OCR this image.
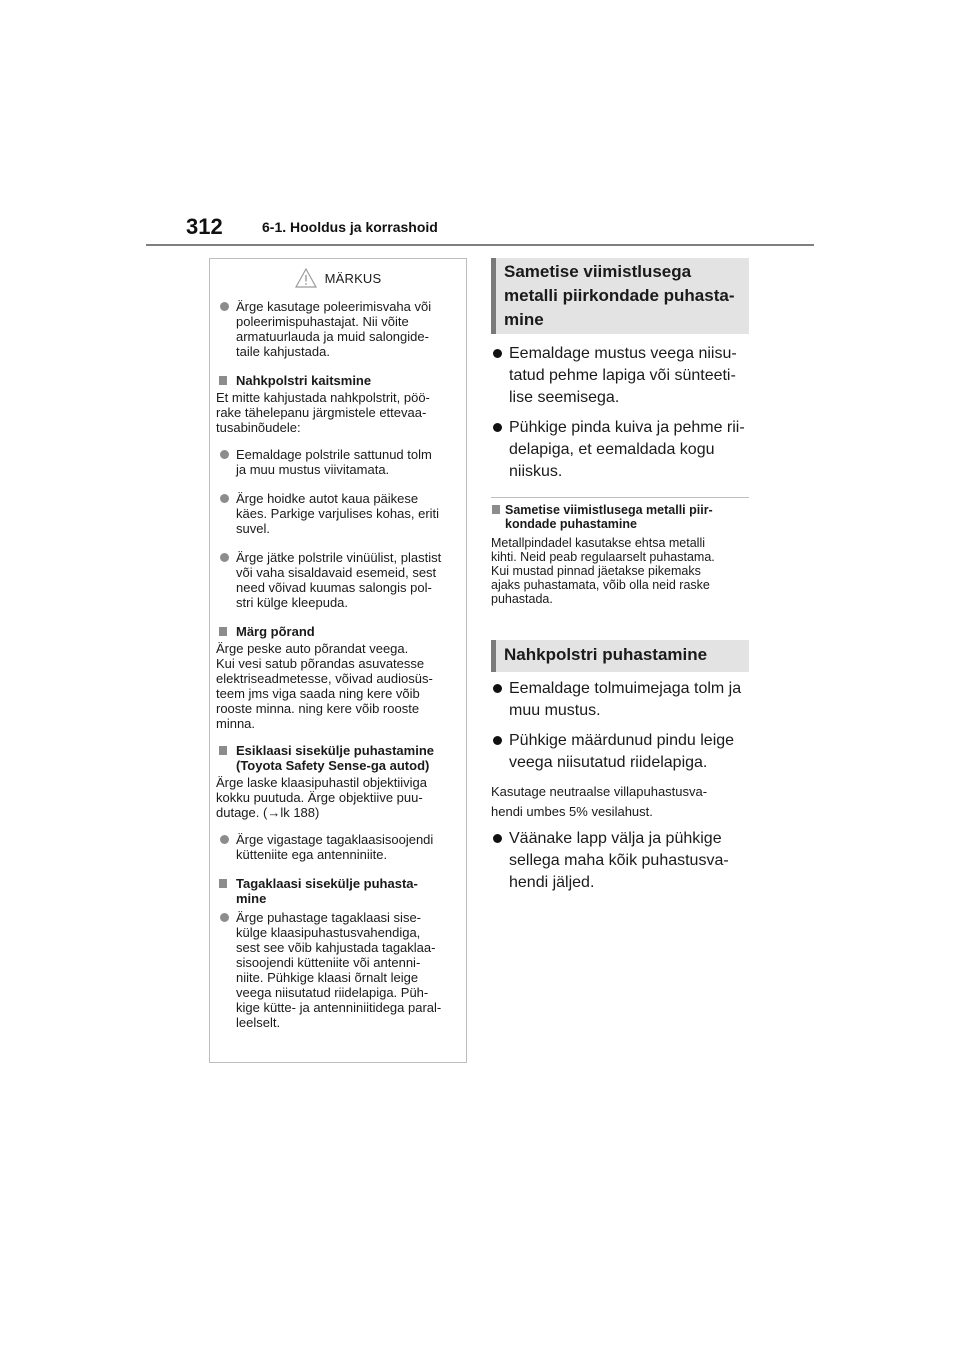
312	6-1. Hooldus ja korrashoid
MÄRKUS
Ärge kasutage poleerimisvaha või
poleerimispuhastajat. Nii võite
armatuurlauda ja muid salongide-
taile kahjustada.
Nahkpolstri kaitsmine
Et mitte kahjustada nahkpolstrit, pöö-
rake tähelepanu järgmistele ettevaa-
tusabinõudele:
Eemaldage polstrile sattunud tolm
ja muu mustus viivitamata.
Ärge hoidke autot kaua päikese
käes. Parkige varjulises kohas, eriti
suvel.
Ärge jätke polstrile vinüülist, plastist
või vaha sisaldavaid esemeid, sest
need võivad kuumas salongis pol-
stri külge kleepuda.
Märg põrand
Ärge peske auto põrandat veega.
Kui vesi satub põrandas asuvatesse
elektriseadmetesse, võivad audiosüs-
teem jms viga saada ning kere võib
rooste minna. ning kere võib rooste
minna.
Esiklaasi sisekülje puhastamine
(Toyota Safety Sense-ga autod)
Ärge laske klaasipuhastil objektiiviga
kokku puutuda. Ärge objektiive puu-
dutage. (→lk 188)
Ärge vigastage tagaklaasisoojendi
kütteniite ega antenniniite.
Tagaklaasi sisekülje puhasta-
mine
Ärge puhastage tagaklaasi sise-
külge klaasipuhastusvahendiga,
sest see võib kahjustada tagaklaa-
sisoojendi kütteniite või antenni-
niite. Pühkige klaasi õrnalt leige
veega niisutatud riidelapiga. Püh-
kige kütte- ja antenniniitidega paral-
leelselt.
Sametise viimistlusega
metalli piirkondade puhasta-
mine
Eemaldage mustus veega niisu-
tatud pehme lapiga või sünteeti-
lise seemisega.
Pühkige pinda kuiva ja pehme rii-
delapiga, et eemaldada kogu
niiskus.
Sametise viimistlusega metalli piir-
kondade puhastamine
Metallpindadel kasutakse ehtsa metalli
kihti. Neid peab regulaarselt puhastama.
Kui mustad pinnad jäetakse pikemaks
ajaks puhastamata, võib olla neid raske
puhastada.
Nahkpolstri puhastamine
Eemaldage tolmuimejaga tolm ja
muu mustus.
Pühkige määrdunud pindu leige
veega niisutatud riidelapiga.
Kasutage neutraalse villapuhastusva-
hendi umbes 5% vesilahust.
Väänake lapp välja ja pühkige
sellega maha kõik puhastusva-
hendi jäljed.
